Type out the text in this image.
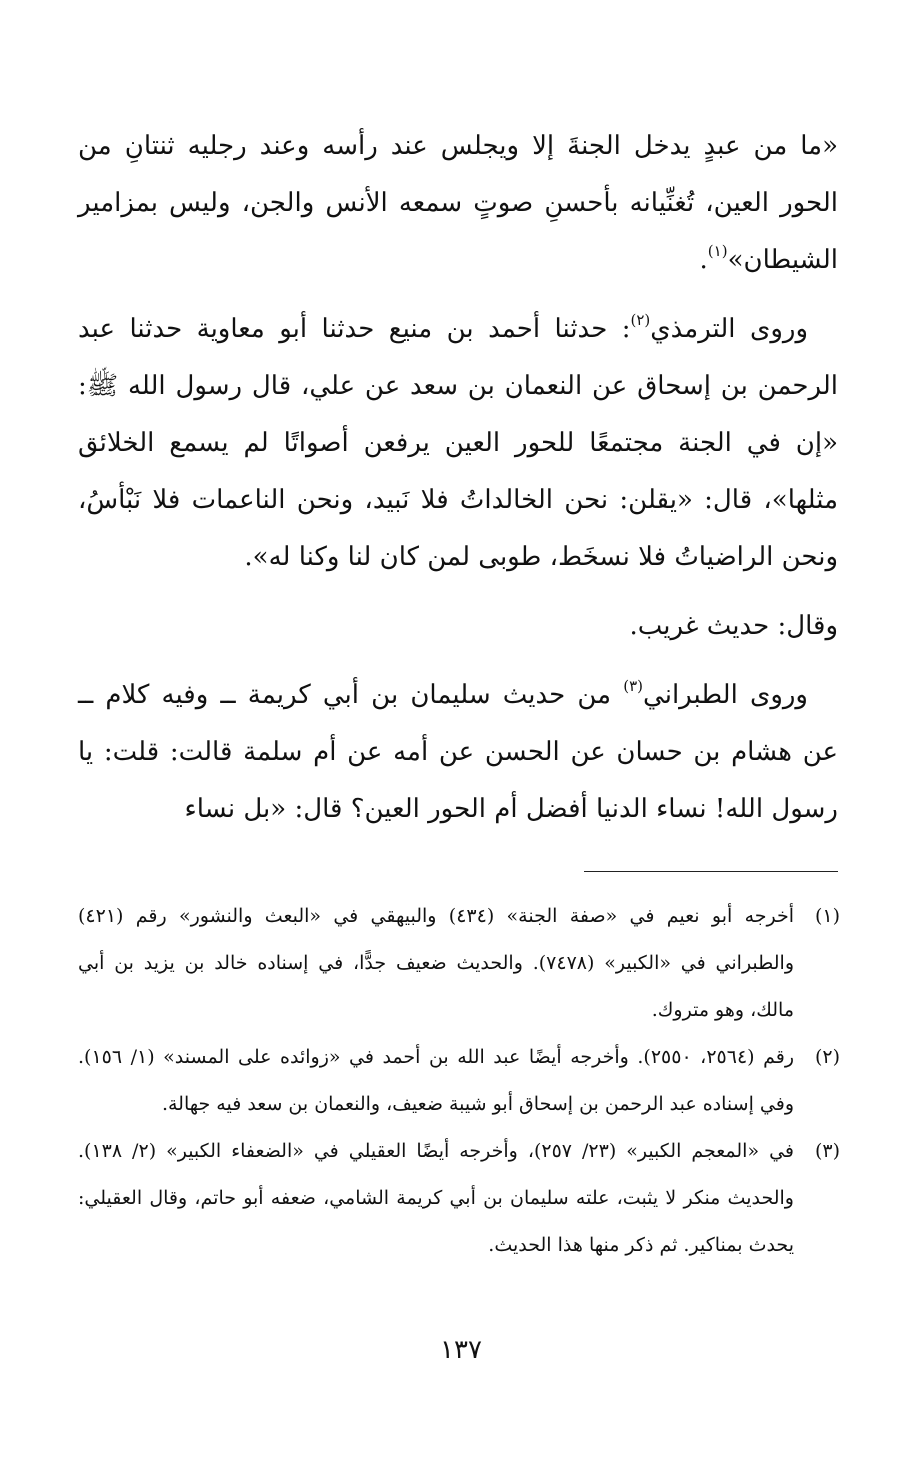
«ما من عبدٍ يدخل الجنةَ إلا ويجلس عند رأسه وعند رجليه ثنتانِ من الحور العين، تُغنِّيانه بأحسنِ صوتٍ سمعه الأنس والجن، وليس بمزامير الشيطان»$^{(١)}$.

وروى الترمذي$^{(٢)}$: حدثنا أحمد بن منيع حدثنا أبو معاوية حدثنا عبد الرحمن بن إسحاق عن النعمان بن سعد عن علي، قال رسول الله ﷺ: «إن في الجنة مجتمعًا للحور العين يرفعن أصواتًا لم يسمع الخلائق مثلها»، قال: «يقلن: نحن الخالداتُ فلا نَبيد، ونحن الناعمات فلا نَبْأسُ، ونحن الراضياتُ فلا نسخَط، طوبى لمن كان لنا وكنا له».

وقال: حديث غريب.

وروى الطبراني$^{(٣)}$ من حديث سليمان بن أبي كريمة ــ وفيه كلام ــ عن هشام بن حسان عن الحسن عن أمه عن أم سلمة قالت: قلت: يا رسول الله! نساء الدنيا أفضل أم الحور العين؟ قال: «بل نساء

(١)
أخرجه أبو نعيم في «صفة الجنة» (٤٣٤) والبيهقي في «البعث والنشور» رقم (٤٢١) والطبراني في «الكبير» (٧٤٧٨). والحديث ضعيف جدًّا، في إسناده خالد بن يزيد بن أبي مالك، وهو متروك.
(٢)
رقم (٢٥٦٤، ٢٥٥٠). وأخرجه أيضًا عبد الله بن أحمد في «زوائده على المسند» (١/ ١٥٦). وفي إسناده عبد الرحمن بن إسحاق أبو شيبة ضعيف، والنعمان بن سعد فيه جهالة.
(٣)
في «المعجم الكبير» (٢٣/ ٢٥٧)، وأخرجه أيضًا العقيلي في «الضعفاء الكبير» (٢/ ١٣٨). والحديث منكر لا يثبت، علته سليمان بن أبي كريمة الشامي، ضعفه أبو حاتم، وقال العقيلي: يحدث بمناكير. ثم ذكر منها هذا الحديث.
١٣٧
